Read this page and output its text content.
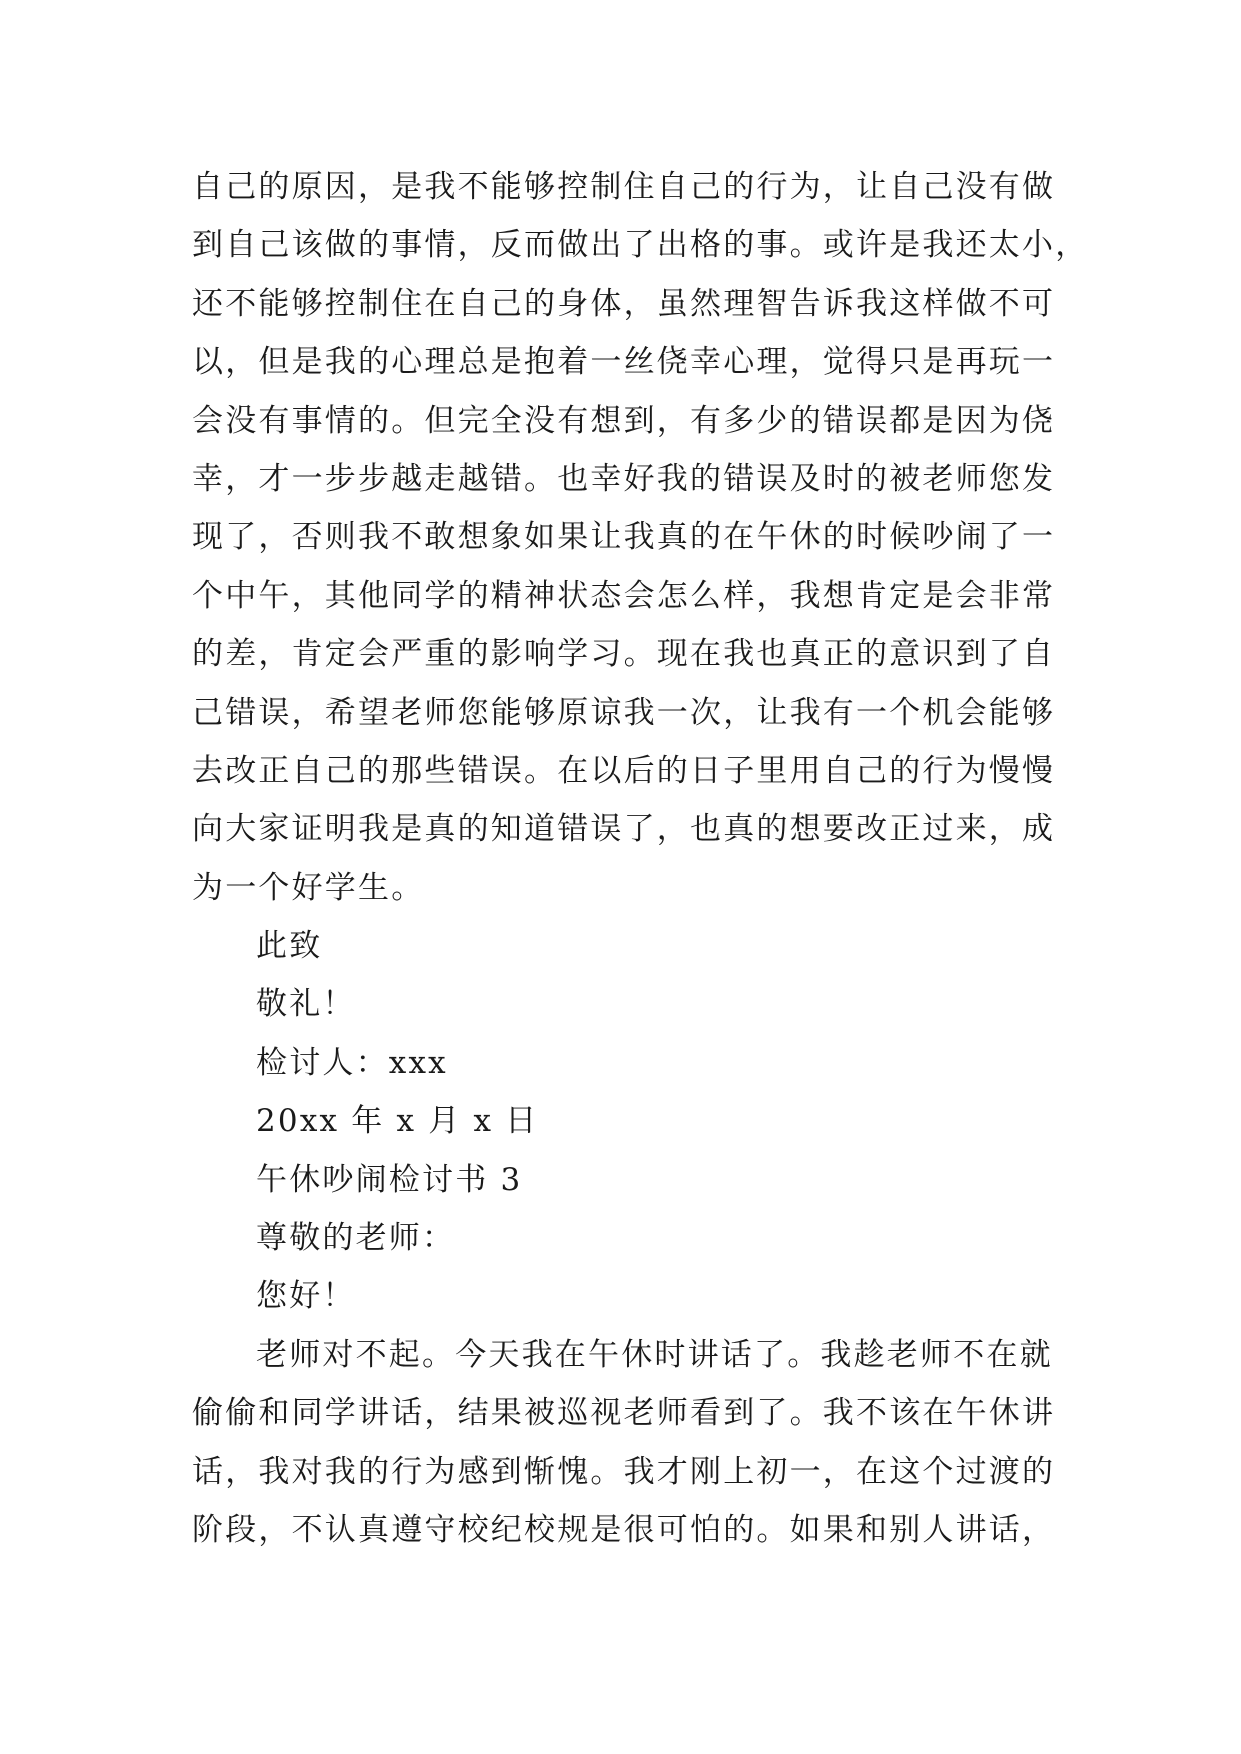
自己的原因，是我不能够控制住自己的行为，让自己没有做
到自己该做的事情，反而做出了出格的事。或许是我还太小，
还不能够控制住在自己的身体，虽然理智告诉我这样做不可
以，但是我的心理总是抱着一丝侥幸心理，觉得只是再玩一
会没有事情的。但完全没有想到，有多少的错误都是因为侥
幸，才一步步越走越错。也幸好我的错误及时的被老师您发
现了，否则我不敢想象如果让我真的在午休的时候吵闹了一
个中午，其他同学的精神状态会怎么样，我想肯定是会非常
的差，肯定会严重的影响学习。现在我也真正的意识到了自
己错误，希望老师您能够原谅我一次，让我有一个机会能够
去改正自己的那些错误。在以后的日子里用自己的行为慢慢
向大家证明我是真的知道错误了，也真的想要改正过来，成
为一个好学生。
此致
敬礼！
检讨人：xxx
20xx 年 x 月 x 日
午休吵闹检讨书 3
尊敬的老师：
您好！
老师对不起。今天我在午休时讲话了。我趁老师不在就
偷偷和同学讲话，结果被巡视老师看到了。我不该在午休讲
话，我对我的行为感到惭愧。我才刚上初一，在这个过渡的
阶段，不认真遵守校纪校规是很可怕的。如果和别人讲话，
